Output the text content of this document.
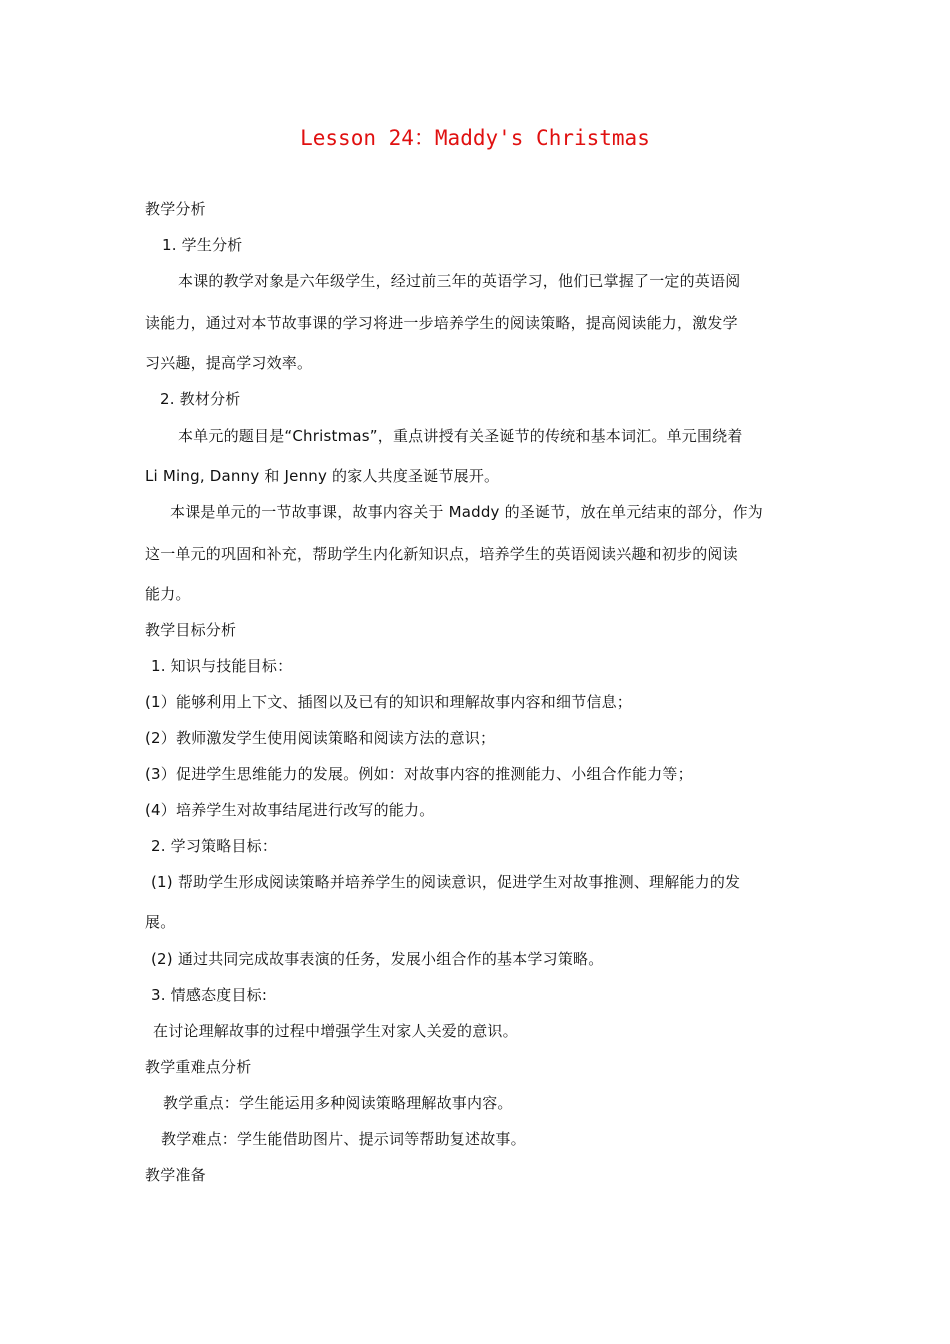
Lesson 24：Maddy's Christmas
教学分析
1. 学生分析
本课的教学对象是六年级学生，经过前三年的英语学习，他们已掌握了一定的英语阅
读能力，通过对本节故事课的学习将进一步培养学生的阅读策略，提高阅读能力，激发学
习兴趣，提高学习效率。
2. 教材分析
本单元的题目是“Christmas”，重点讲授有关圣诞节的传统和基本词汇。单元围绕着
Li Ming, Danny 和 Jenny 的家人共度圣诞节展开。
本课是单元的一节故事课，故事内容关于 Maddy 的圣诞节，放在单元结束的部分，作为
这一单元的巩固和补充，帮助学生内化新知识点，培养学生的英语阅读兴趣和初步的阅读
能力。
教学目标分析
1. 知识与技能目标：
(1）能够利用上下文、插图以及已有的知识和理解故事内容和细节信息；
(2）教师激发学生使用阅读策略和阅读方法的意识；
(3）促进学生思维能力的发展。例如：对故事内容的推测能力、小组合作能力等；
(4）培养学生对故事结尾进行改写的能力。
2. 学习策略目标：
(1) 帮助学生形成阅读策略并培养学生的阅读意识，促进学生对故事推测、理解能力的发
展。
(2) 通过共同完成故事表演的任务，发展小组合作的基本学习策略。
3. 情感态度目标:
在讨论理解故事的过程中增强学生对家人关爱的意识。
教学重难点分析
教学重点：学生能运用多种阅读策略理解故事内容。
教学难点：学生能借助图片、提示词等帮助复述故事。
教学准备
